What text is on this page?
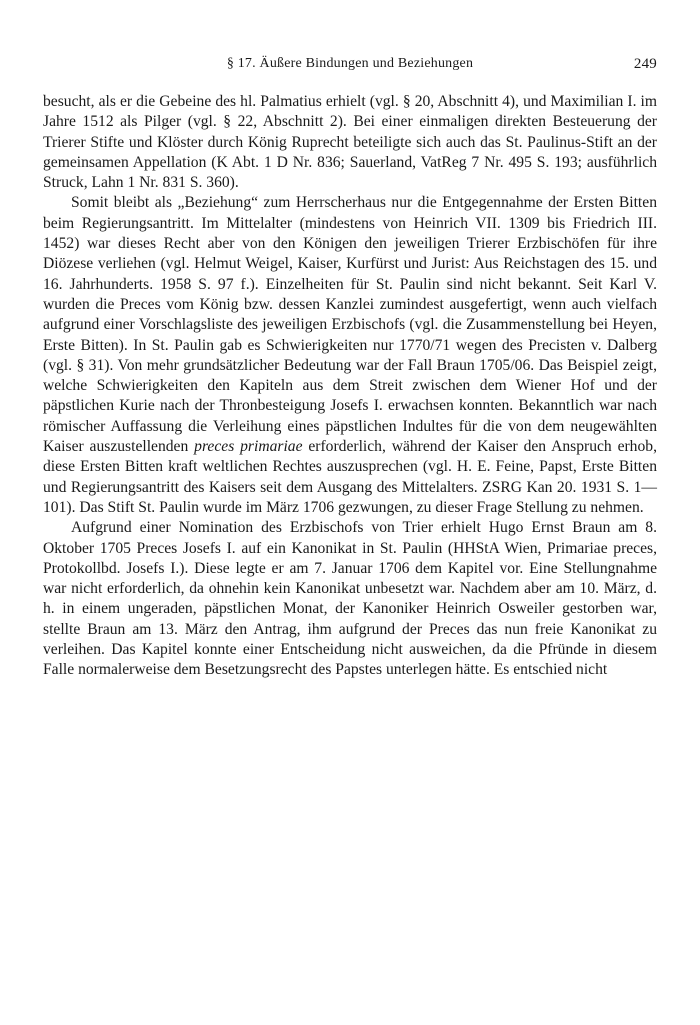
§ 17. Äußere Bindungen und Beziehungen	249

besucht, als er die Gebeine des hl. Palmatius erhielt (vgl. § 20, Abschnitt 4), und Maximilian I. im Jahre 1512 als Pilger (vgl. § 22, Abschnitt 2). Bei einer einmaligen direkten Besteuerung der Trierer Stifte und Klöster durch König Ruprecht beteiligte sich auch das St. Paulinus-Stift an der gemeinsamen Appellation (K Abt. 1 D Nr. 836; Sauerland, VatReg 7 Nr. 495 S. 193; ausführlich Struck, Lahn 1 Nr. 831 S. 360).

Somit bleibt als „Beziehung“ zum Herrscherhaus nur die Entgegennahme der Ersten Bitten beim Regierungsantritt. Im Mittelalter (mindestens von Heinrich VII. 1309 bis Friedrich III. 1452) war dieses Recht aber von den Königen den jeweiligen Trierer Erzbischöfen für ihre Diözese verliehen (vgl. Helmut Weigel, Kaiser, Kurfürst und Jurist: Aus Reichstagen des 15. und 16. Jahrhunderts. 1958 S. 97 f.). Einzelheiten für St. Paulin sind nicht bekannt. Seit Karl V. wurden die Preces vom König bzw. dessen Kanzlei zumindest ausgefertigt, wenn auch vielfach aufgrund einer Vorschlagsliste des jeweiligen Erzbischofs (vgl. die Zusammenstellung bei Heyen, Erste Bitten). In St. Paulin gab es Schwierigkeiten nur 1770/71 wegen des Precisten v. Dalberg (vgl. § 31). Von mehr grundsätzlicher Bedeutung war der Fall Braun 1705/06. Das Beispiel zeigt, welche Schwierigkeiten den Kapiteln aus dem Streit zwischen dem Wiener Hof und der päpstlichen Kurie nach der Thronbesteigung Josefs I. erwachsen konnten. Bekanntlich war nach römischer Auffassung die Verleihung eines päpstlichen Indultes für die von dem neugewählten Kaiser auszustellenden preces primariae erforderlich, während der Kaiser den Anspruch erhob, diese Ersten Bitten kraft weltlichen Rechtes auszusprechen (vgl. H. E. Feine, Papst, Erste Bitten und Regierungsantritt des Kaisers seit dem Ausgang des Mittelalters. ZSRG Kan 20. 1931 S. 1—101). Das Stift St. Paulin wurde im März 1706 gezwungen, zu dieser Frage Stellung zu nehmen.

Aufgrund einer Nomination des Erzbischofs von Trier erhielt Hugo Ernst Braun am 8. Oktober 1705 Preces Josefs I. auf ein Kanonikat in St. Paulin (HHStA Wien, Primariae preces, Protokollbd. Josefs I.). Diese legte er am 7. Januar 1706 dem Kapitel vor. Eine Stellungnahme war nicht erforderlich, da ohnehin kein Kanonikat unbesetzt war. Nachdem aber am 10. März, d. h. in einem ungeraden, päpstlichen Monat, der Kanoniker Heinrich Osweiler gestorben war, stellte Braun am 13. März den Antrag, ihm aufgrund der Preces das nun freie Kanonikat zu verleihen. Das Kapitel konnte einer Entscheidung nicht ausweichen, da die Pfründe in diesem Falle normalerweise dem Besetzungsrecht des Papstes unterlegen hätte. Es entschied nicht
